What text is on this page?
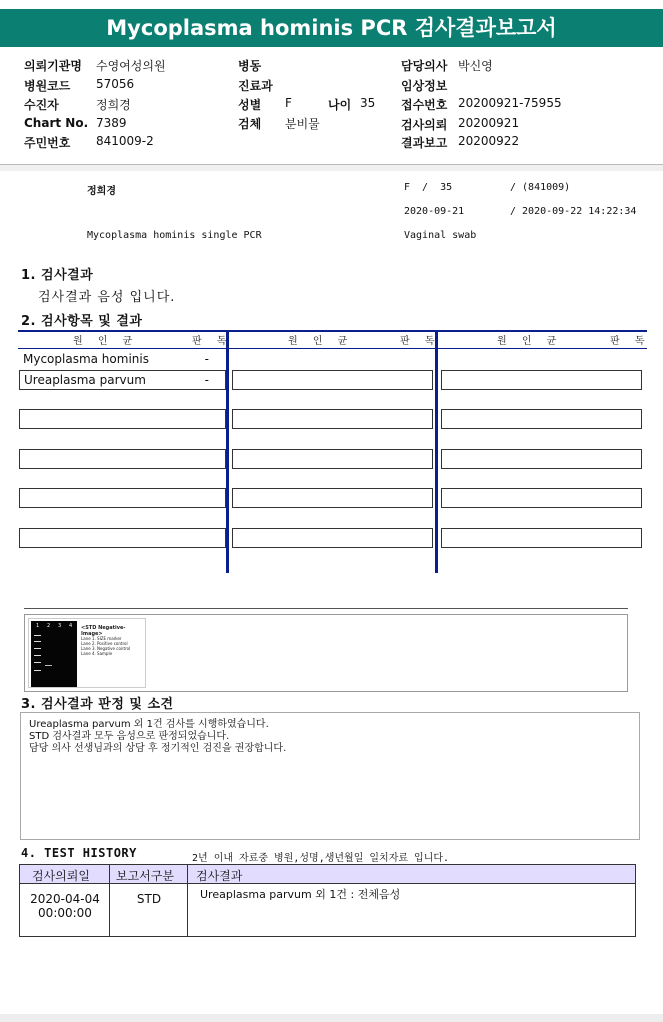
Mycoplasma hominis PCR 검사결과보고서
의뢰기관명 수영여성의원
병원코드 57056
수진자	정희경
Chart No. 7389
주민번호 841009-2
병동
진료과
성별 F	나이 35
검체 분비물
담당의사 박신영
임상정보
접수번호 20200921-75955
검사의뢰 20200921
결과보고 20200922
정희경	F  /  35	/ (841009)
2020-09-21	/ 2020-09-22 14:22:34
Mycoplasma hominis single PCR	Vaginal swab
1. 검사결과
검사결과 음성 입니다.
2. 검사항목 및 결과
원 인 균	판 독	원 인 균	판 독	원 인 균	판 독
Mycoplasma hominis	-
Ureaplasma parvum	-
1 2 3 4 <STD Negative-Image>
Lane 1. SIZE marker
Lane 2. Positive control
Lane 3. Negative control
Lane 4. Sample
3. 검사결과 판정 및 소견
Ureaplasma parvum 외 1건 검사를 시행하였습니다.
STD 검사결과 모두 음성으로 판정되었습니다.
담당 의사 선생님과의 상담 후 정기적인 검진을 권장합니다.
4. TEST HISTORY	2년 이내 자료중 병원,성명,생년월일 일치자료 입니다.
검사의뢰일 보고서구분 검사결과
2020-04-04
00:00:00
STD	Ureaplasma parvum 외 1건 : 전체음성
